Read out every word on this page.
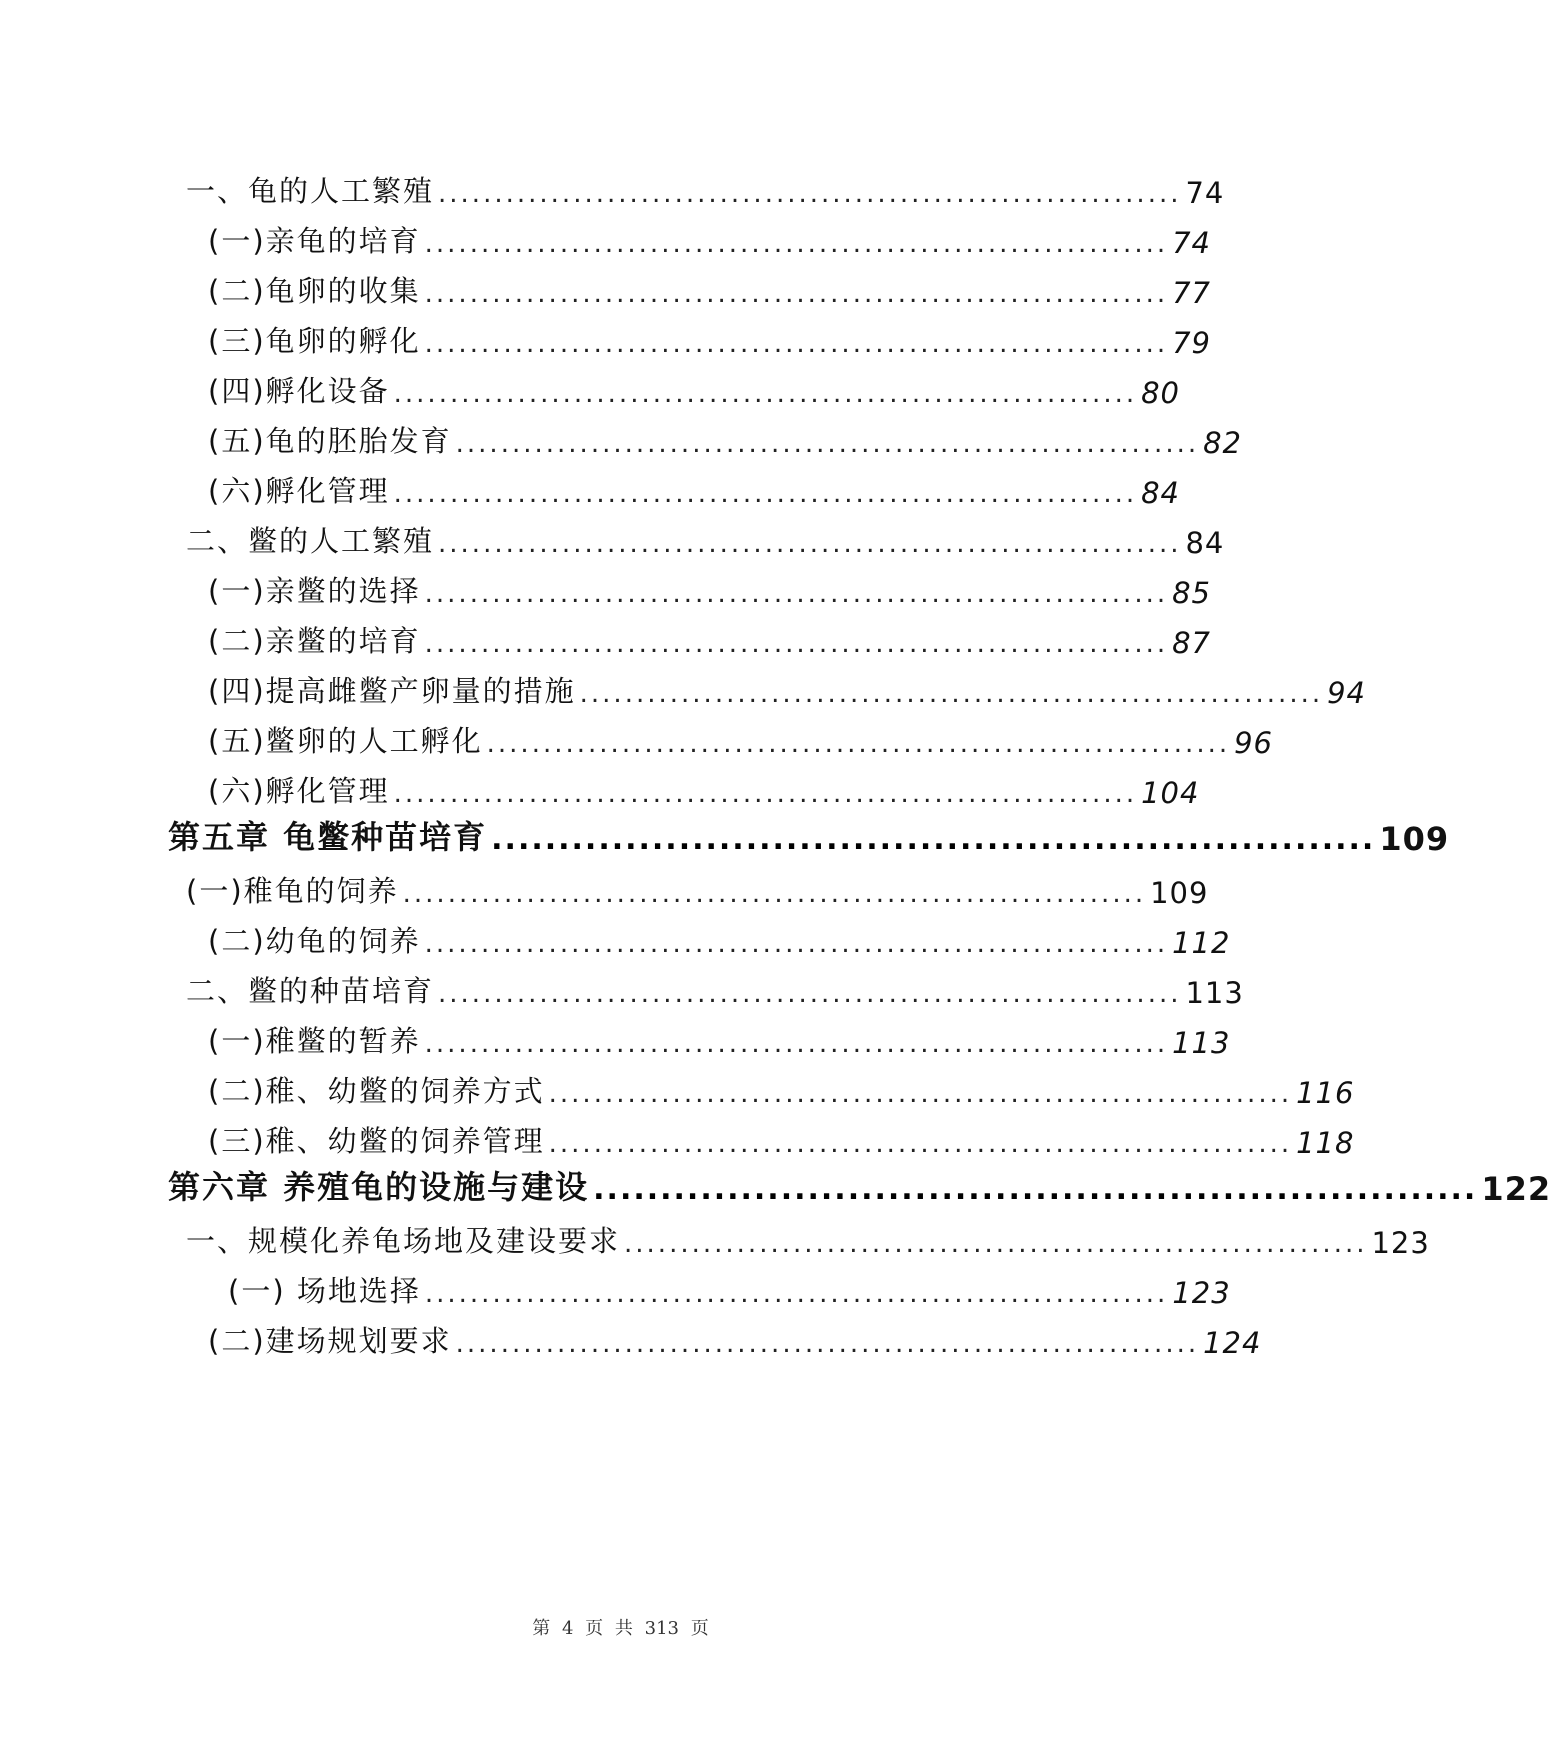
一、龟的人工繁殖 .................................................................. 74
(一)亲龟的培育 .................................................................. 74
(二)龟卵的收集 .................................................................. 77
(三)龟卵的孵化 .................................................................. 79
(四)孵化设备 .................................................................. 80
(五)龟的胚胎发育 .................................................................. 82
(六)孵化管理 .................................................................. 84
二、鳖的人工繁殖 .................................................................. 84
(一)亲鳖的选择 .................................................................. 85
(二)亲鳖的培育 .................................................................. 87
(四)提高雌鳖产卵量的措施 .................................................................. 94
(五)鳖卵的人工孵化 .................................................................. 96
(六)孵化管理 .................................................................. 104
第五章 龟鳖种苗培育 .................................................................. 109
(一)稚龟的饲养 .................................................................. 109
(二)幼龟的饲养 .................................................................. 112
二、鳖的种苗培育 .................................................................. 113
(一)稚鳖的暂养 .................................................................. 113
(二)稚、幼鳖的饲养方式 .................................................................. 116
(三)稚、幼鳖的饲养管理 .................................................................. 118
第六章 养殖龟的设施与建设 .................................................................. 122
一、规模化养龟场地及建设要求 .................................................................. 123
(一) 场地选择 .................................................................. 123
(二)建场规划要求 .................................................................. 124
第 4 页 共 313 页
